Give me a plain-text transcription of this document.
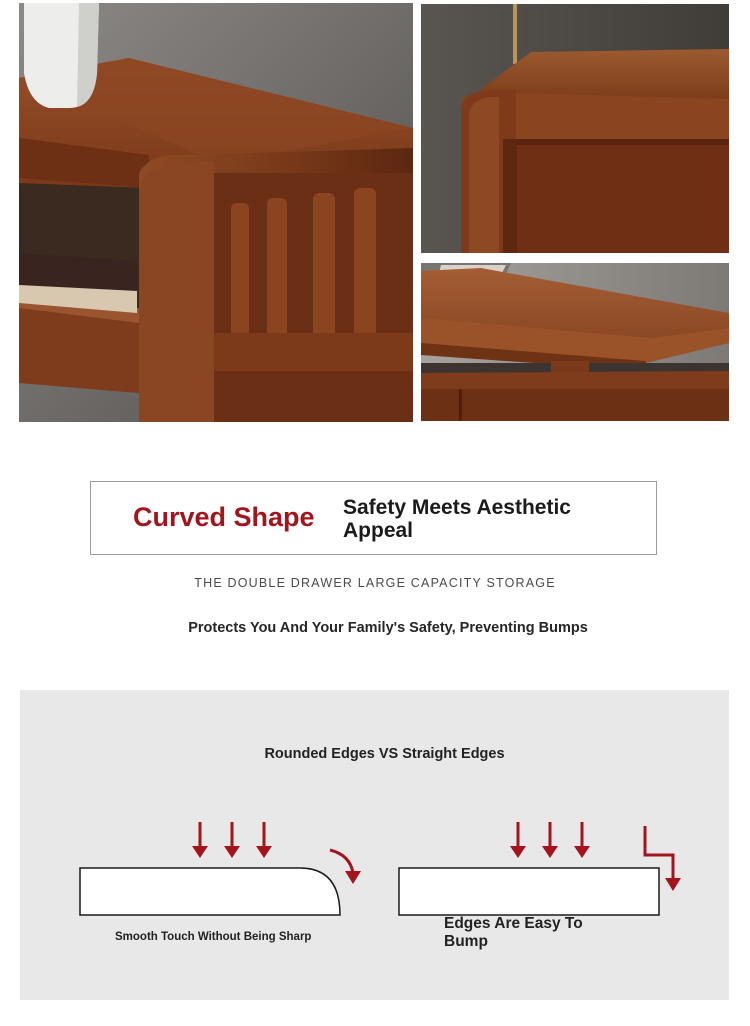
Curved Shape Safety Meets Aesthetic Appeal
THE DOUBLE DRAWER LARGE CAPACITY STORAGE
Protects You And Your Family's Safety, Preventing Bumps
Rounded Edges VS Straight Edges
Smooth Touch Without Being Sharp
Edges Are Easy To Bump
